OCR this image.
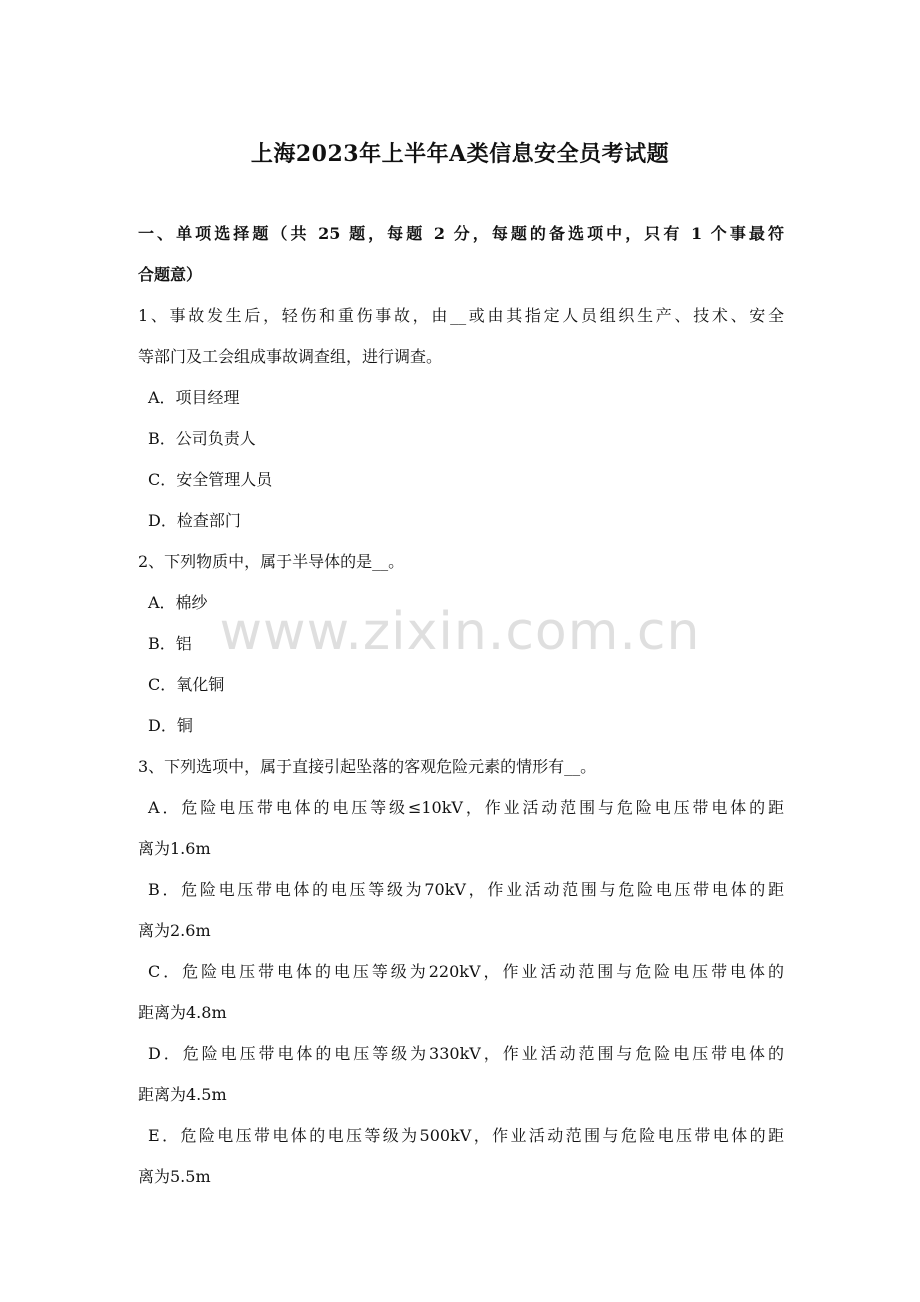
上海2023年上半年A类信息安全员考试题
一、单项选择题（共 25 题，每题 2 分，每题的备选项中，只有 1 个事最符
合题意）
1、事故发生后，轻伤和重伤事故，由__或由其指定人员组织生产、技术、安全
等部门及工会组成事故调查组，进行调查。
A．项目经理
B．公司负责人
C．安全管理人员
D．检查部门
2、下列物质中，属于半导体的是__。
A．棉纱
B．铝
C．氧化铜
D．铜
3、下列选项中，属于直接引起坠落的客观危险元素的情形有__。
A．危险电压带电体的电压等级≤10kV，作业活动范围与危险电压带电体的距
离为1.6m
B．危险电压带电体的电压等级为70kV，作业活动范围与危险电压带电体的距
离为2.6m
C．危险电压带电体的电压等级为220kV，作业活动范围与危险电压带电体的
距离为4.8m
D．危险电压带电体的电压等级为330kV，作业活动范围与危险电压带电体的
距离为4.5m
E．危险电压带电体的电压等级为500kV，作业活动范围与危险电压带电体的距
离为5.5m
www.zixin.com.cn
